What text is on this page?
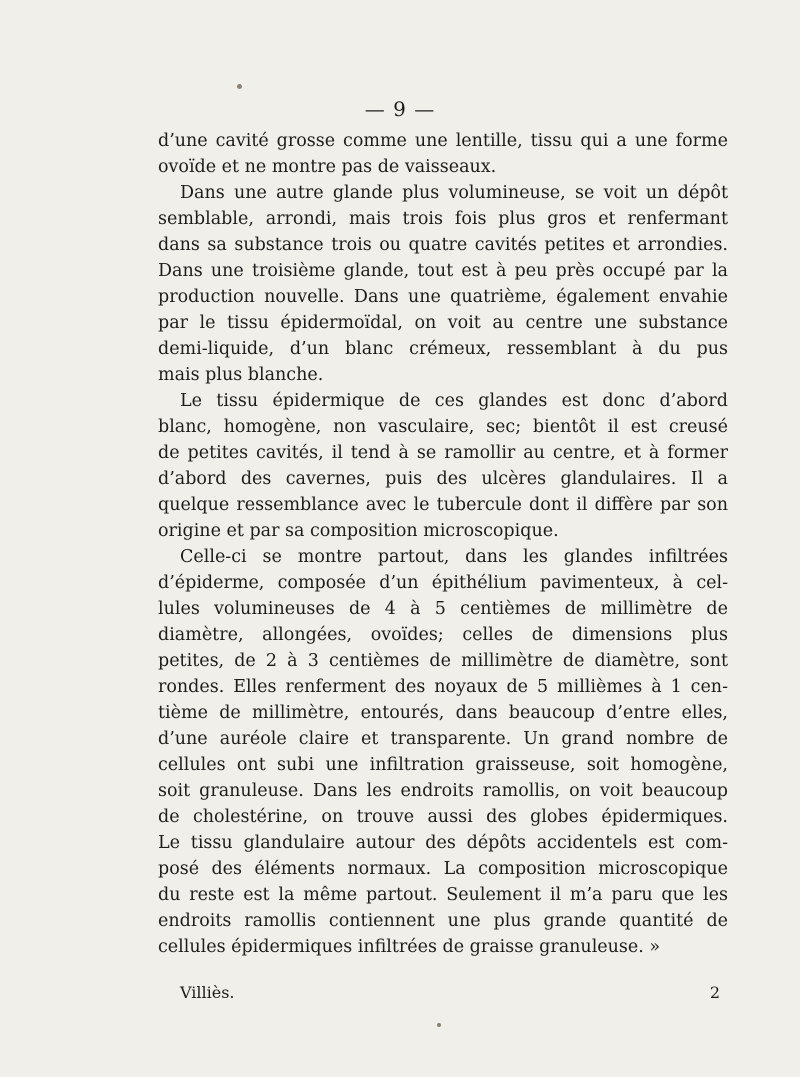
— 9 —
d’une cavité grosse comme une lentille, tissu qui a une forme
ovoïde et ne montre pas de vaisseaux.
Dans une autre glande plus volumineuse, se voit un dépôt
semblable, arrondi, mais trois fois plus gros et renfermant
dans sa substance trois ou quatre cavités petites et arrondies.
Dans une troisième glande, tout est à peu près occupé par la
production nouvelle. Dans une quatrième, également envahie
par le tissu épidermoïdal, on voit au centre une substance
demi-liquide, d’un blanc crémeux, ressemblant à du pus
mais plus blanche.
Le tissu épidermique de ces glandes est donc d’abord
blanc, homogène, non vasculaire, sec; bientôt il est creusé
de petites cavités, il tend à se ramollir au centre, et à former
d’abord des cavernes, puis des ulcères glandulaires. Il a
quelque ressemblance avec le tubercule dont il diffère par son
origine et par sa composition microscopique.
Celle-ci se montre partout, dans les glandes infiltrées
d’épiderme, composée d’un épithélium pavimenteux, à cel-
lules volumineuses de 4 à 5 centièmes de millimètre de
diamètre, allongées, ovoïdes; celles de dimensions plus
petites, de 2 à 3 centièmes de millimètre de diamètre, sont
rondes. Elles renferment des noyaux de 5 millièmes à 1 cen-
tième de millimètre, entourés, dans beaucoup d’entre elles,
d’une auréole claire et transparente. Un grand nombre de
cellules ont subi une infiltration graisseuse, soit homogène,
soit granuleuse. Dans les endroits ramollis, on voit beaucoup
de cholestérine, on trouve aussi des globes épidermiques.
Le tissu glandulaire autour des dépôts accidentels est com-
posé des éléments normaux. La composition microscopique
du reste est la même partout. Seulement il m’a paru que les
endroits ramollis contiennent une plus grande quantité de
cellules épidermiques infiltrées de graisse granuleuse. »
Villiès.	2
